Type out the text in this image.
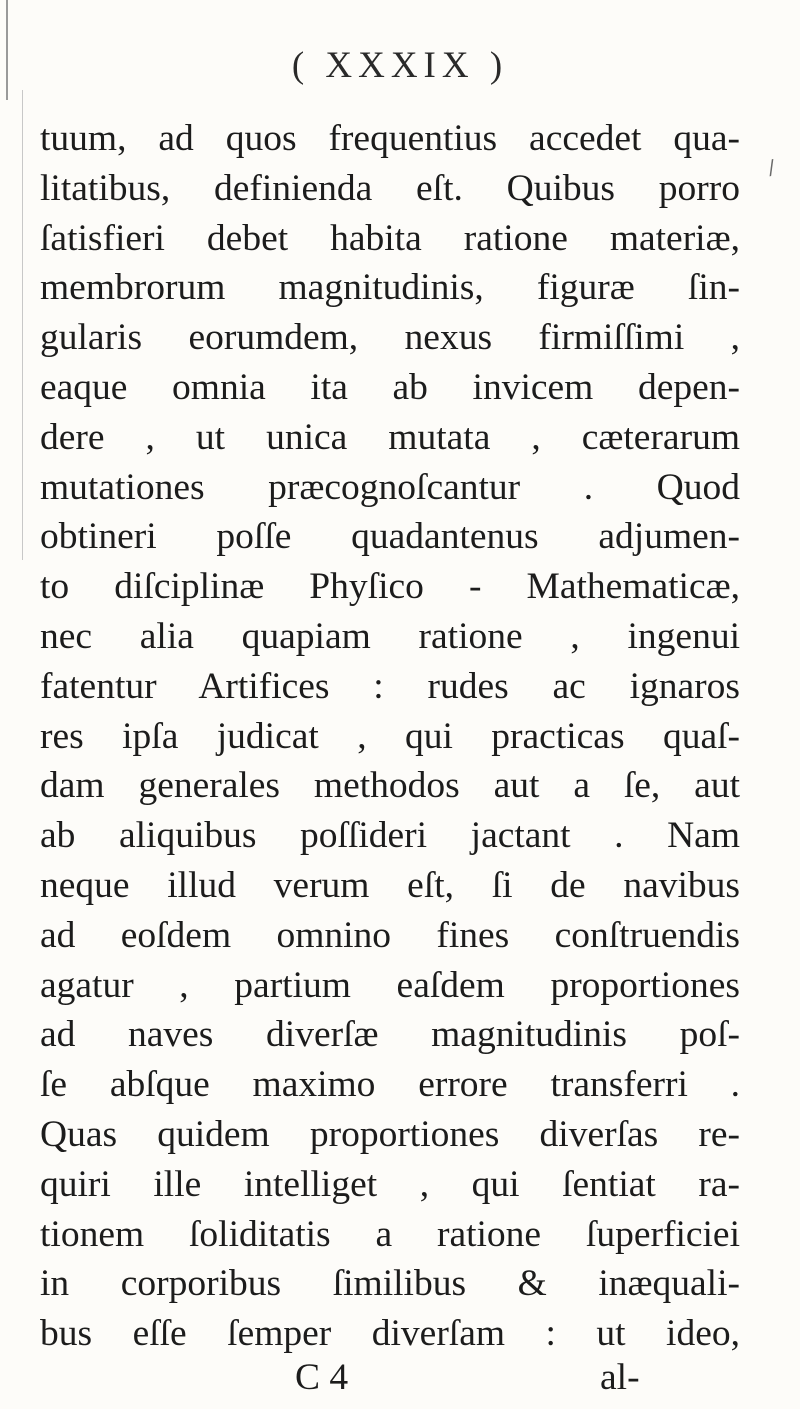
( XXXIX )
/
tuum, ad quos frequentius accedet qua-
litatibus, definienda eſt. Quibus porro
ſatisfieri debet habita ratione materiæ,
membrorum magnitudinis, figuræ ſin-
gularis eorumdem, nexus firmiſſimi ,
eaque omnia ita ab invicem depen-
dere , ut unica mutata , cæterarum
mutationes præcognoſcantur . Quod
obtineri poſſe quadantenus adjumen-
to diſciplinæ Phyſico - Mathematicæ,
nec alia quapiam ratione , ingenui
fatentur Artifices : rudes ac ignaros
res ipſa judicat , qui practicas quaſ-
dam generales methodos aut a ſe, aut
ab aliquibus poſſideri jactant . Nam
neque illud verum eſt, ſi de navibus
ad eoſdem omnino fines conſtruendis
agatur , partium eaſdem proportiones
ad naves diverſæ magnitudinis poſ-
ſe abſque maximo errore transferri .
Quas quidem proportiones diverſas re-
quiri ille intelliget , qui ſentiat ra-
tionem ſoliditatis a ratione ſuperficiei
in corporibus ſimilibus & inæquali-
bus eſſe ſemper diverſam : ut ideo,
C 4	al-
